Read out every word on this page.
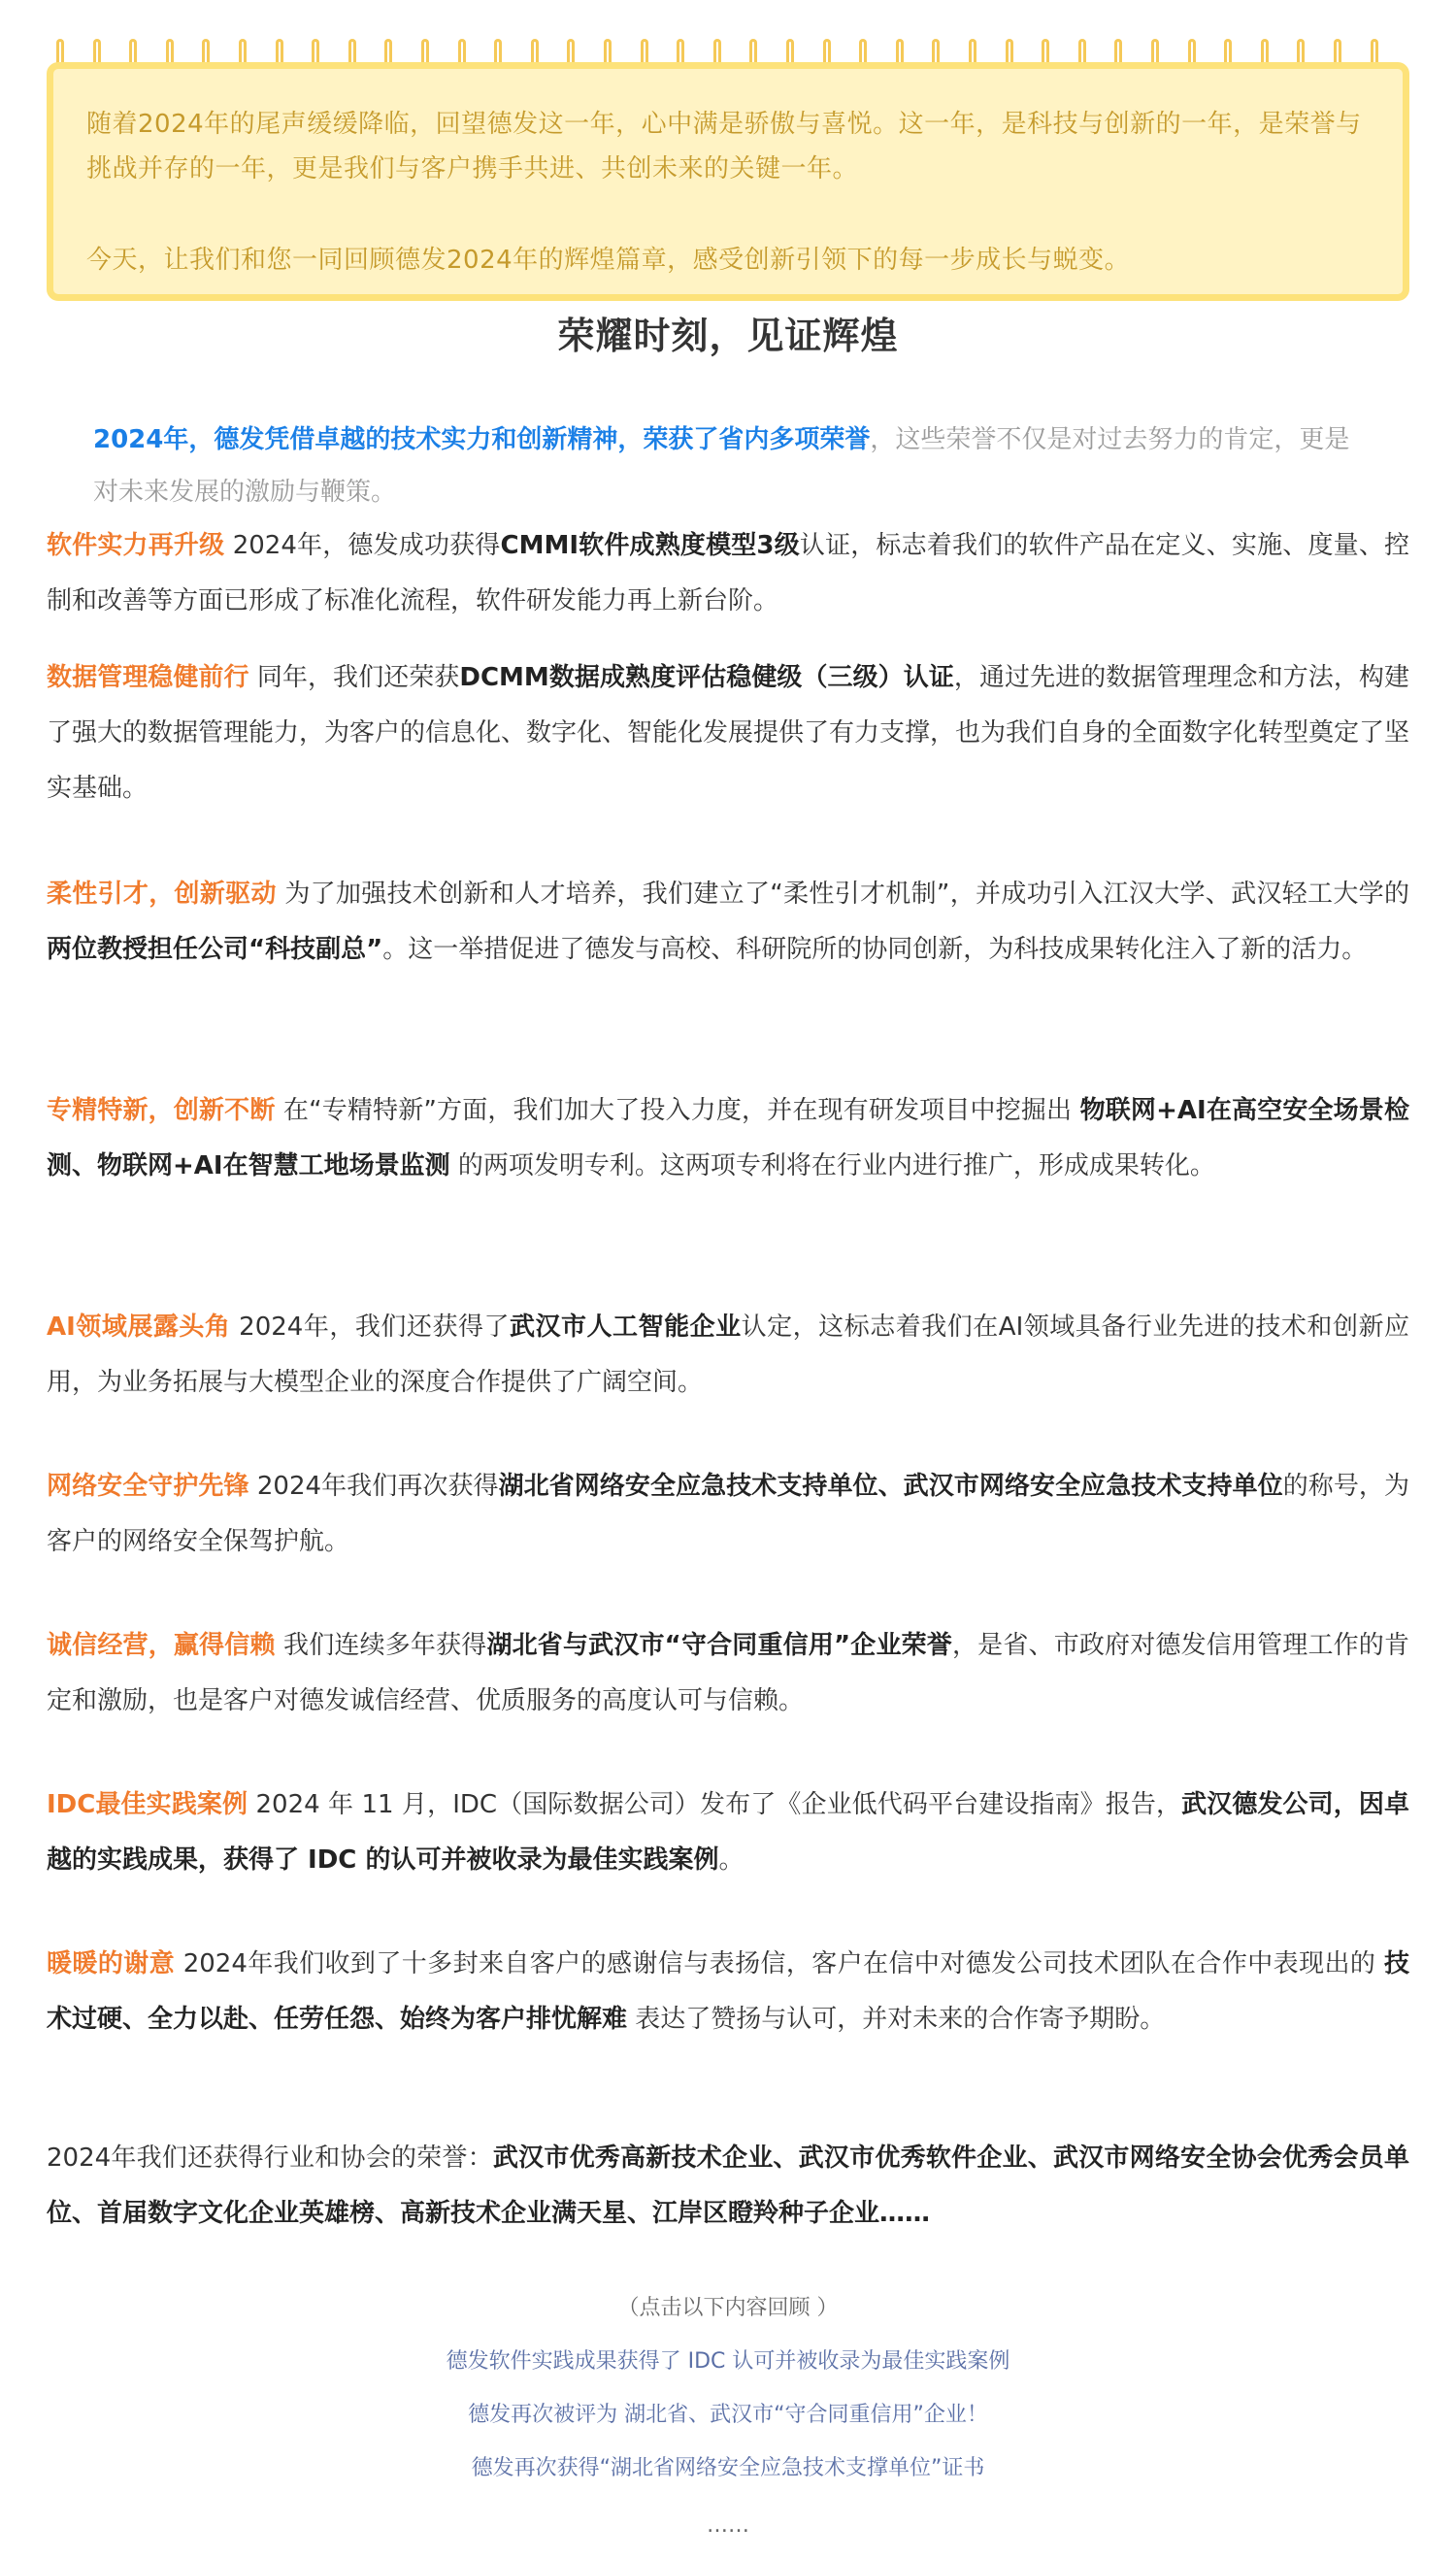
随着2024年的尾声缓缓降临，回望德发这一年，心中满是骄傲与喜悦。这一年，是科技与创新的一年，是荣誉与挑战并存的一年，更是我们与客户携手共进、共创未来的关键一年。

今天，让我们和您一同回顾德发2024年的辉煌篇章，感受创新引领下的每一步成长与蜕变。

荣耀时刻，见证辉煌

2024年，德发凭借卓越的技术实力和创新精神，荣获了省内多项荣誉，这些荣誉不仅是对过去努力的肯定，更是对未来发展的激励与鞭策。

软件实力再升级 2024年，德发成功获得CMMI软件成熟度模型3级认证，标志着我们的软件产品在定义、实施、度量、控制和改善等方面已形成了标准化流程，软件研发能力再上新台阶。

数据管理稳健前行 同年，我们还荣获DCMM数据成熟度评估稳健级（三级）认证，通过先进的数据管理理念和方法，构建了强大的数据管理能力，为客户的信息化、数字化、智能化发展提供了有力支撑，也为我们自身的全面数字化转型奠定了坚实基础。

柔性引才，创新驱动 为了加强技术创新和人才培养，我们建立了“柔性引才机制”，并成功引入江汉大学、武汉轻工大学的两位教授担任公司“科技副总”。这一举措促进了德发与高校、科研院所的协同创新，为科技成果转化注入了新的活力。

专精特新，创新不断 在“专精特新”方面，我们加大了投入力度，并在现有研发项目中挖掘出 物联网+AI在高空安全场景检测、物联网+AI在智慧工地场景监测 的两项发明专利。这两项专利将在行业内进行推广，形成成果转化。

AI领域展露头角 2024年，我们还获得了武汉市人工智能企业认定，这标志着我们在AI领域具备行业先进的技术和创新应用，为业务拓展与大模型企业的深度合作提供了广阔空间。

网络安全守护先锋 2024年我们再次获得湖北省网络安全应急技术支持单位、武汉市网络安全应急技术支持单位的称号，为客户的网络安全保驾护航。

诚信经营，赢得信赖 我们连续多年获得湖北省与武汉市“守合同重信用”企业荣誉，是省、市政府对德发信用管理工作的肯定和激励，也是客户对德发诚信经营、优质服务的高度认可与信赖。

IDC最佳实践案例 2024 年 11 月，IDC（国际数据公司）发布了《企业低代码平台建设指南》报告，武汉德发公司，因卓越的实践成果，获得了 IDC 的认可并被收录为最佳实践案例。

暖暖的谢意 2024年我们收到了十多封来自客户的感谢信与表扬信，客户在信中对德发公司技术团队在合作中表现出的 技术过硬、全力以赴、任劳任怨、始终为客户排忧解难 表达了赞扬与认可，并对未来的合作寄予期盼。

2024年我们还获得行业和协会的荣誉：武汉市优秀高新技术企业、武汉市优秀软件企业、武汉市网络安全协会优秀会员单位、首届数字文化企业英雄榜、高新技术企业满天星、江岸区瞪羚种子企业……

（点击以下内容回顾 ）

德发软件实践成果获得了 IDC 认可并被收录为最佳实践案例

德发再次被评为 湖北省、武汉市“守合同重信用”企业！

德发再次获得“湖北省网络安全应急技术支撑单位”证书

……
